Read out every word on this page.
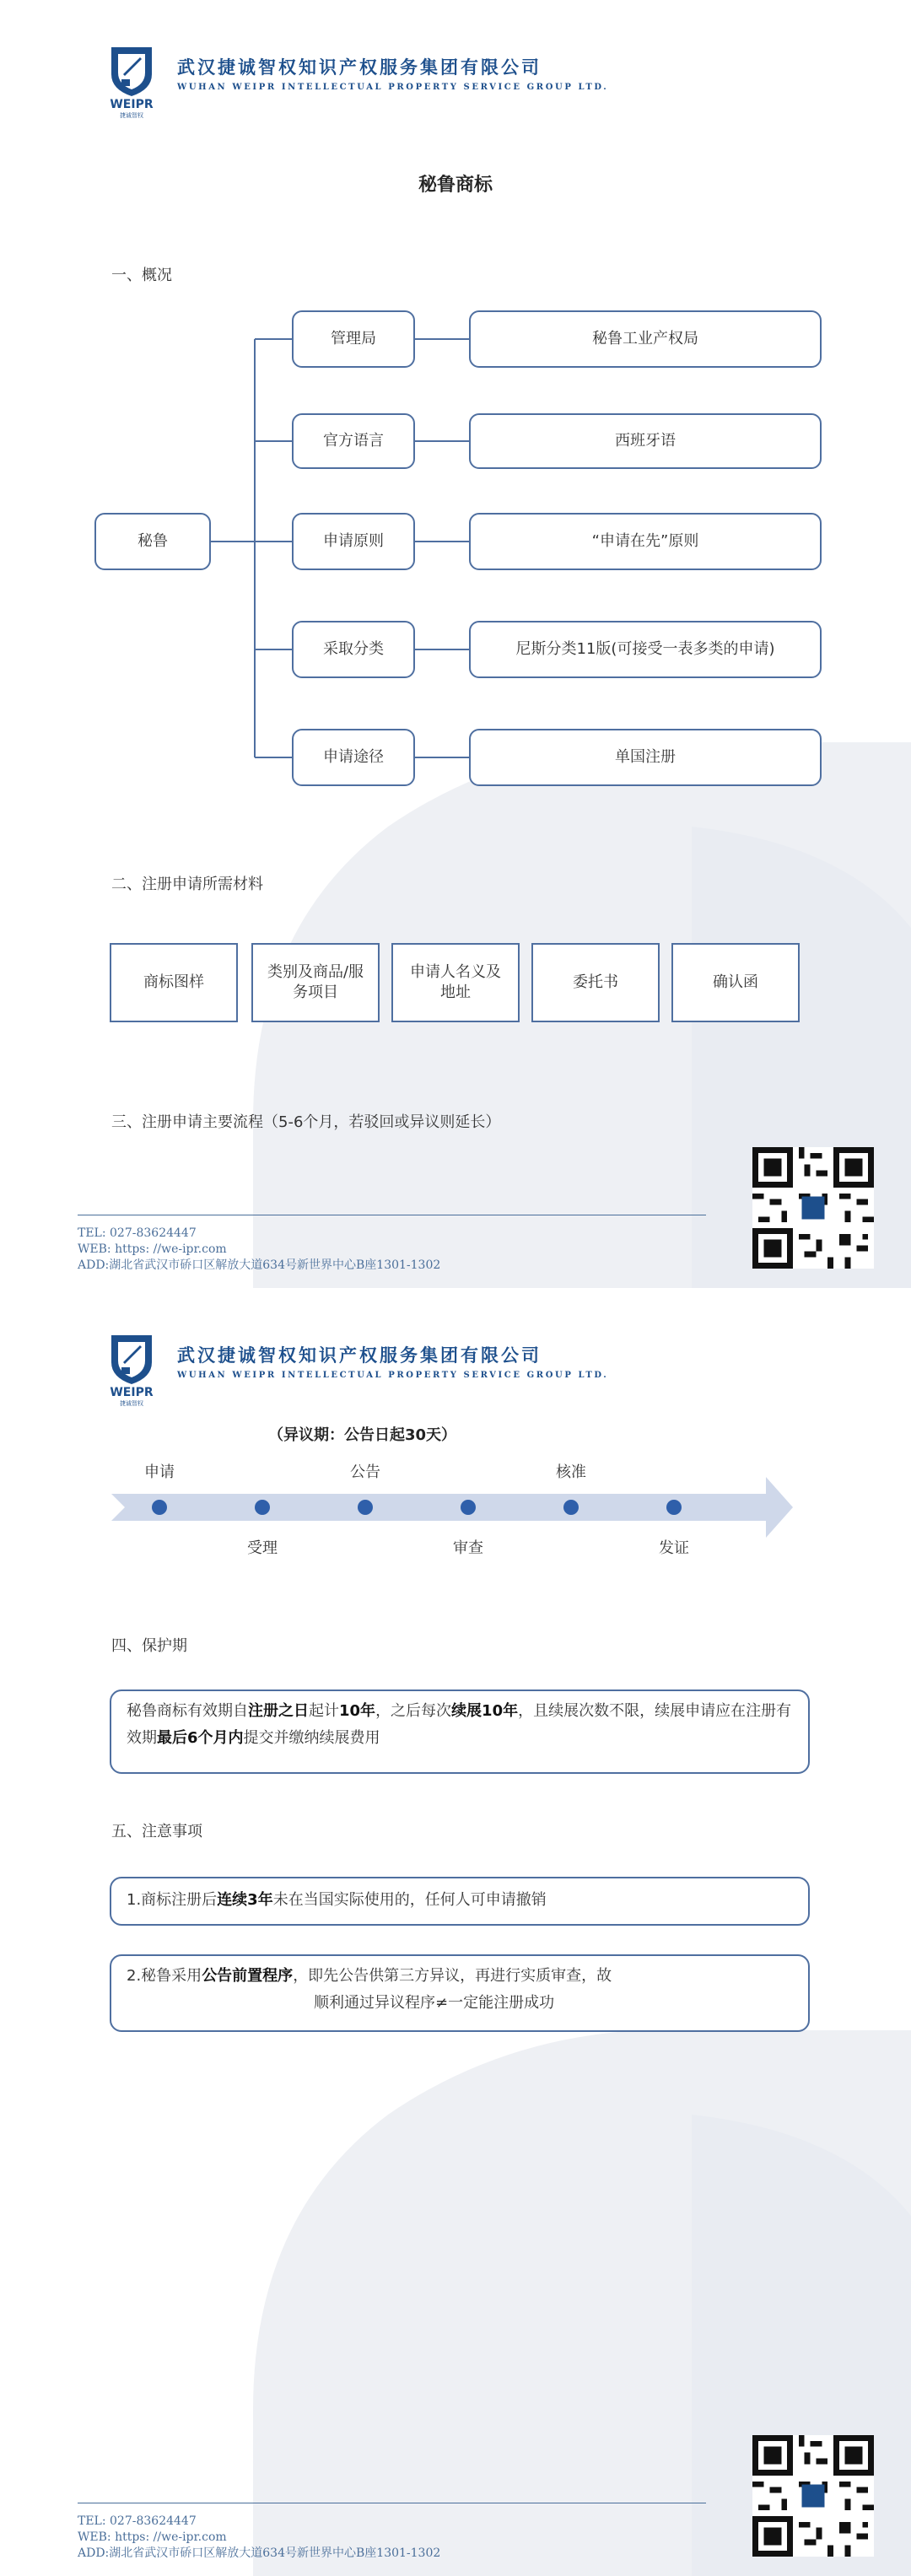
WEIPR
捷诚智权
武汉捷诚智权知识产权服务集团有限公司
WUHAN WEIPR INTELLECTUAL PROPERTY SERVICE GROUP LTD.
秘鲁商标
一、概况
秘鲁
管理局	秘鲁工业产权局
官方语言	西班牙语
申请原则	“申请在先”原则
采取分类	尼斯分类11版(可接受一表多类的申请)
申请途径	单国注册
二、注册申请所需材料
商标图样
类别及商品/服务项目
申请人名义及地址
委托书	确认函
三、注册申请主要流程（5-6个月，若驳回或异议则延长）
TEL: 027-83624447
WEB: https: //we-ipr.com
ADD:湖北省武汉市硚口区解放大道634号新世界中心B座1301-1302
WEIPR
捷诚智权
武汉捷诚智权知识产权服务集团有限公司
WUHAN WEIPR INTELLECTUAL PROPERTY SERVICE GROUP LTD.
（异议期：公告日起30天）
申请	公告	核准
受理	审查	发证
四、保护期
秘鲁商标有效期自注册之日起计10年，之后每次续展10年，且续展次数不限，续展申请应在注册有效期最后6个月内提交并缴纳续展费用
五、注意事项
1.商标注册后连续3年未在当国实际使用的，任何人可申请撤销
2.秘鲁采用公告前置程序，即先公告供第三方异议，再进行实质审查，故
顺利通过异议程序≠一定能注册成功
TEL: 027-83624447
WEB: https: //we-ipr.com
ADD:湖北省武汉市硚口区解放大道634号新世界中心B座1301-1302
